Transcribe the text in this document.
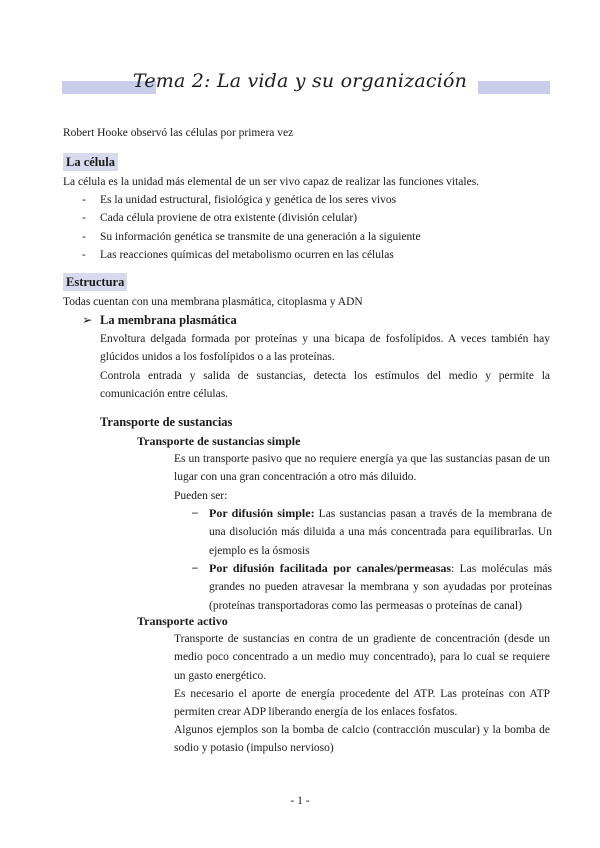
Tema 2: La vida y su organización
Robert Hooke observó las células por primera vez
La célula
La célula es la unidad más elemental de un ser vivo capaz de realizar las funciones vitales.
- Es la unidad estructural, fisiológica y genética de los seres vivos
- Cada célula proviene de otra existente (división celular)
- Su información genética se transmite de una generación a la siguiente
- Las reacciones químicas del metabolismo ocurren en las células
Estructura
Todas cuentan con una membrana plasmática, citoplasma y ADN
➢ La membrana plasmática
Envoltura delgada formada por proteínas y una bicapa de fosfolípidos. A veces también hay glúcidos unidos a los fosfolípidos o a las proteínas.
Controla entrada y salida de sustancias, detecta los estímulos del medio y permite la comunicación entre células.
Transporte de sustancias
Transporte de sustancias simple
Es un transporte pasivo que no requiere energía ya que las sustancias pasan de un lugar con una gran concentración a otro más diluido.
Pueden ser:
– Por difusión simple: Las sustancias pasan a través de la membrana de una disolución más diluida a una más concentrada para equilibrarlas. Un ejemplo es la ósmosis
– Por difusión facilitada por canales/permeasas: Las moléculas más grandes no pueden atravesar la membrana y son ayudadas por proteínas (proteínas transportadoras como las permeasas o proteínas de canal)
Transporte activo
Transporte de sustancias en contra de un gradiente de concentración (desde un medio poco concentrado a un medio muy concentrado), para lo cual se requiere un gasto energético.
Es necesario el aporte de energía procedente del ATP. Las proteínas con ATP permiten crear ADP liberando energía de los enlaces fosfatos.
Algunos ejemplos son la bomba de calcio (contracción muscular) y la bomba de sodio y potasio (impulso nervioso)
- 1 -
